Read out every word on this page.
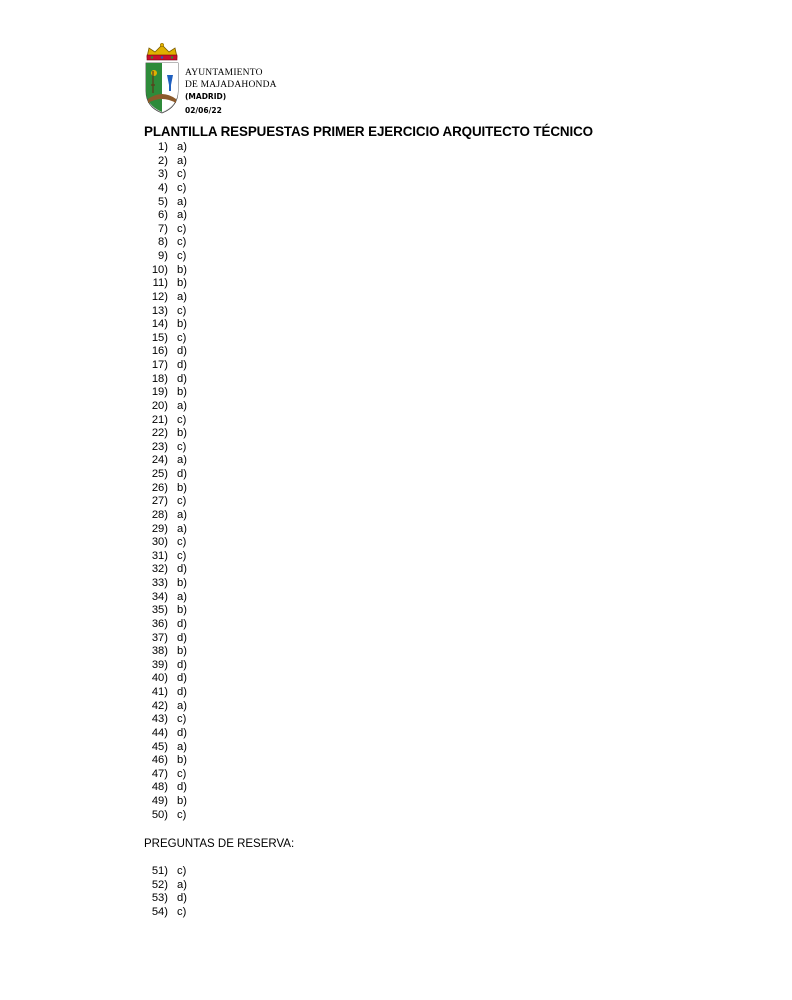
AYUNTAMIENTO
DE MAJADAHONDA
(MADRID)
02/06/22
PLANTILLA RESPUESTAS PRIMER EJERCICIO ARQUITECTO TÉCNICO
1) a)
2) a)
3) c)
4) c)
5) a)
6) a)
7) c)
8) c)
9) c)
10) b)
11) b)
12) a)
13) c)
14) b)
15) c)
16) d)
17) d)
18) d)
19) b)
20) a)
21) c)
22) b)
23) c)
24) a)
25) d)
26) b)
27) c)
28) a)
29) a)
30) c)
31) c)
32) d)
33) b)
34) a)
35) b)
36) d)
37) d)
38) b)
39) d)
40) d)
41) d)
42) a)
43) c)
44) d)
45) a)
46) b)
47) c)
48) d)
49) b)
50) c)
PREGUNTAS DE RESERVA:
51) c)
52) a)
53) d)
54) c)
